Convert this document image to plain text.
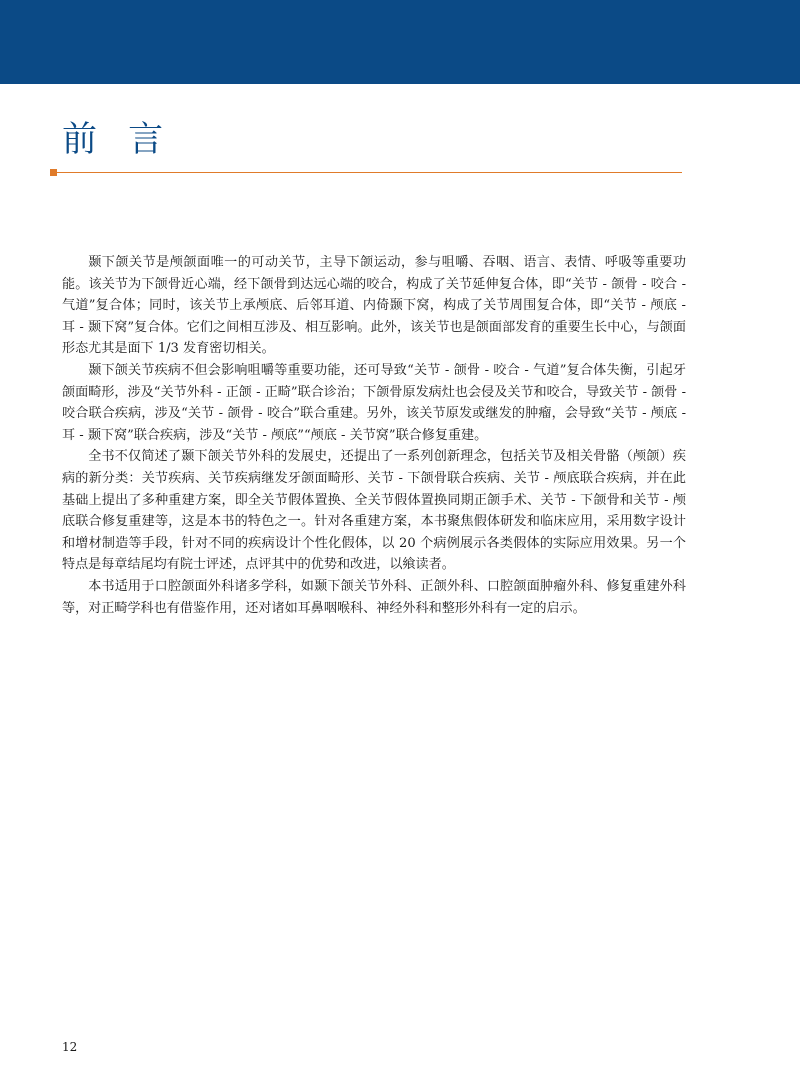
前 言

颞下颌关节是颅颌面唯一的可动关节，主导下颌运动，参与咀嚼、吞咽、语言、表情、呼吸等重要功能。该关节为下颌骨近心端，经下颌骨到达远心端的咬合，构成了关节延伸复合体，即“关节 - 颌骨 - 咬合 - 气道”复合体；同时，该关节上承颅底、后邻耳道、内倚颞下窝，构成了关节周围复合体，即“关节 - 颅底 - 耳 - 颞下窝”复合体。它们之间相互涉及、相互影响。此外，该关节也是颌面部发育的重要生长中心，与颌面形态尤其是面下 1/3 发育密切相关。

颞下颌关节疾病不但会影响咀嚼等重要功能，还可导致“关节 - 颌骨 - 咬合 - 气道”复合体失衡，引起牙颌面畸形，涉及“关节外科 - 正颌 - 正畸”联合诊治；下颌骨原发病灶也会侵及关节和咬合，导致关节 - 颌骨 - 咬合联合疾病，涉及“关节 - 颌骨 - 咬合”联合重建。另外，该关节原发或继发的肿瘤，会导致“关节 - 颅底 - 耳 - 颞下窝”联合疾病，涉及“关节 - 颅底”“颅底 - 关节窝”联合修复重建。

全书不仅简述了颞下颌关节外科的发展史，还提出了一系列创新理念，包括关节及相关骨骼（颅颌）疾病的新分类：关节疾病、关节疾病继发牙颌面畸形、关节 - 下颌骨联合疾病、关节 - 颅底联合疾病，并在此基础上提出了多种重建方案，即全关节假体置换、全关节假体置换同期正颌手术、关节 - 下颌骨和关节 - 颅底联合修复重建等，这是本书的特色之一。针对各重建方案，本书聚焦假体研发和临床应用，采用数字设计和增材制造等手段，针对不同的疾病设计个性化假体，以 20 个病例展示各类假体的实际应用效果。另一个特点是每章结尾均有院士评述，点评其中的优势和改进，以飨读者。

本书适用于口腔颌面外科诸多学科，如颞下颌关节外科、正颌外科、口腔颌面肿瘤外科、修复重建外科等，对正畸学科也有借鉴作用，还对诸如耳鼻咽喉科、神经外科和整形外科有一定的启示。

12
